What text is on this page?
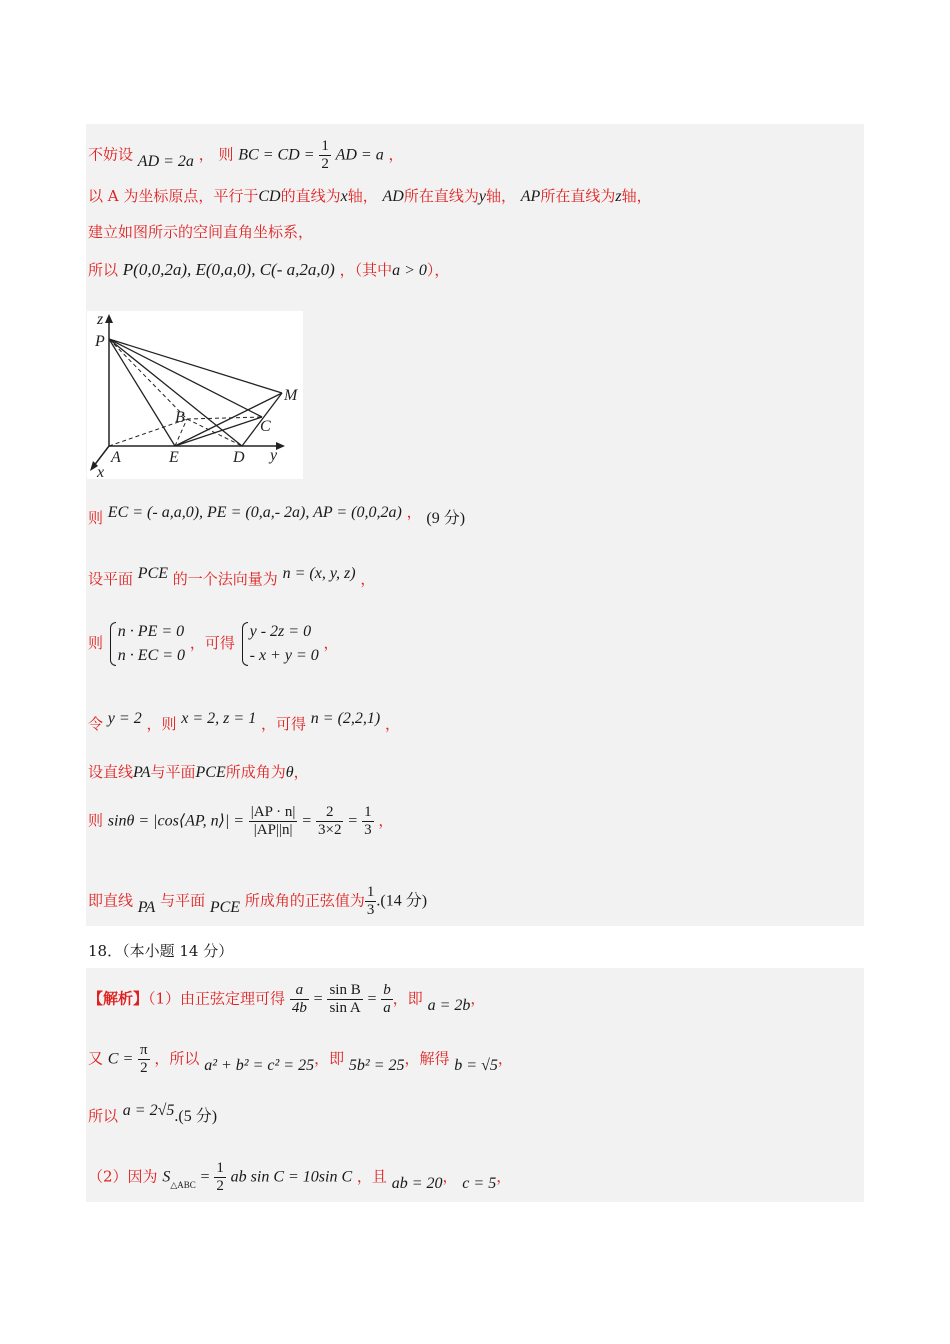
不妨设 AD = 2a ， 则 BC = CD = $\frac{1}{2}$ AD = a ，
以 A 为坐标原点，平行于CD的直线为x轴， AD所在直线为y轴， AP所在直线为z轴，
建立如图所示的空间直角坐标系，
所以 P(0,0,2a), E(0,a,0), C(- a,2a,0) ，（其中a > 0），
z
P
M
B
C
A	E	D y
x
则 EC = (- a,a,0), PE = (0,a,- 2a), AP = (0,0,2a) ， (9 分)
设平面 PCE 的一个法向量为 n = (x, y, z) ，
则
n · PE = 0
n · EC = 0
，可得
y - 2z = 0
- x + y = 0
，
令 y = 2 ，则 x = 2, z = 1 ，可得 n = (2,2,1) ，
设直线PA与平面PCE所成角为θ，
则 sinθ = |cos⟨AP, n⟩| = $\frac{|AP \cdot n|}{|AP||n|} = \frac{2}{3\times 2} = \frac{1}{3}$ ，
即直线 PA 与平面 PCE 所成角的正弦值为 $\frac{1}{3} .(14$ 分)
18．（本小题 14 分）
【解析】（1）由正弦定理可得 $\frac{a}{4b} = \frac{\text{sin B}}{\text{sin A}} = \frac{b}{a}$ ，即 a = 2b，
又 $C = \frac{\pi}{2}$ ，所以 a² + b² = c² = 25，即 5b² = 25，解得 b = √5，
所以 a = 2√5.(5 分)
（2）因为 $S_{\triangle ABC} = \frac{1}{2}$ ab sin C = 10sin C ，且 ab = 20， c = 5，
